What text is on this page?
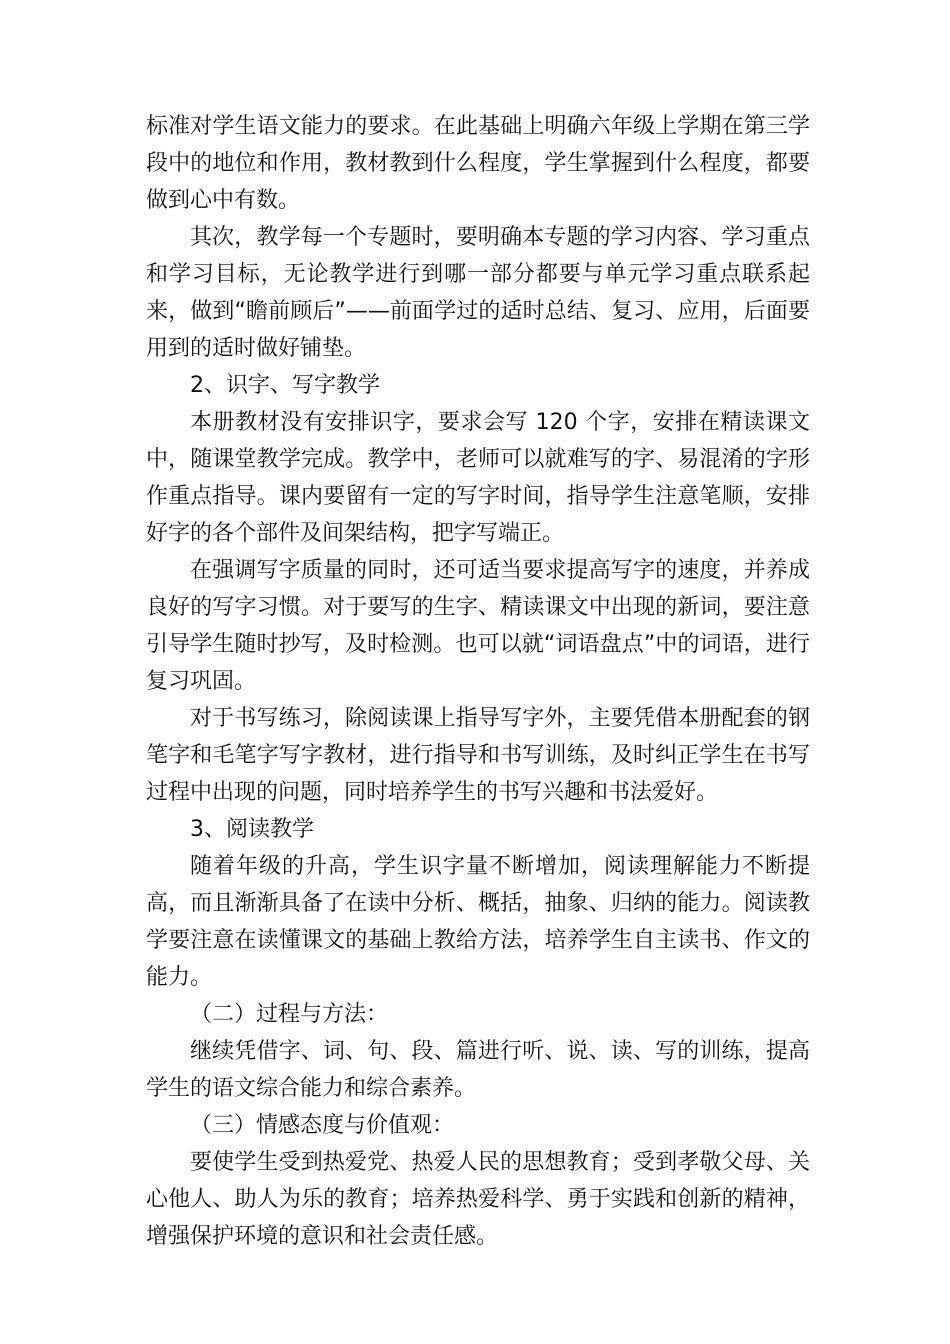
标准对学生语文能力的要求。在此基础上明确六年级上学期在第三学段中的地位和作用，教材教到什么程度，学生掌握到什么程度，都要做到心中有数。

其次，教学每一个专题时，要明确本专题的学习内容、学习重点和学习目标，无论教学进行到哪一部分都要与单元学习重点联系起来，做到“瞻前顾后”——前面学过的适时总结、复习、应用，后面要用到的适时做好铺垫。

2、识字、写字教学

本册教材没有安排识字，要求会写 120 个字，安排在精读课文中，随课堂教学完成。教学中，老师可以就难写的字、易混淆的字形作重点指导。课内要留有一定的写字时间，指导学生注意笔顺，安排好字的各个部件及间架结构，把字写端正。

在强调写字质量的同时，还可适当要求提高写字的速度，并养成良好的写字习惯。对于要写的生字、精读课文中出现的新词，要注意引导学生随时抄写，及时检测。也可以就“词语盘点”中的词语，进行复习巩固。

对于书写练习，除阅读课上指导写字外，主要凭借本册配套的钢笔字和毛笔字写字教材，进行指导和书写训练，及时纠正学生在书写过程中出现的问题，同时培养学生的书写兴趣和书法爱好。

3、阅读教学

随着年级的升高，学生识字量不断增加，阅读理解能力不断提高，而且渐渐具备了在读中分析、概括，抽象、归纳的能力。阅读教学要注意在读懂课文的基础上教给方法，培养学生自主读书、作文的能力。

（二）过程与方法：

继续凭借字、词、句、段、篇进行听、说、读、写的训练，提高学生的语文综合能力和综合素养。

（三）情感态度与价值观：

要使学生受到热爱党、热爱人民的思想教育；受到孝敬父母、关心他人、助人为乐的教育；培养热爱科学、勇于实践和创新的精神，增强保护环境的意识和社会责任感。
